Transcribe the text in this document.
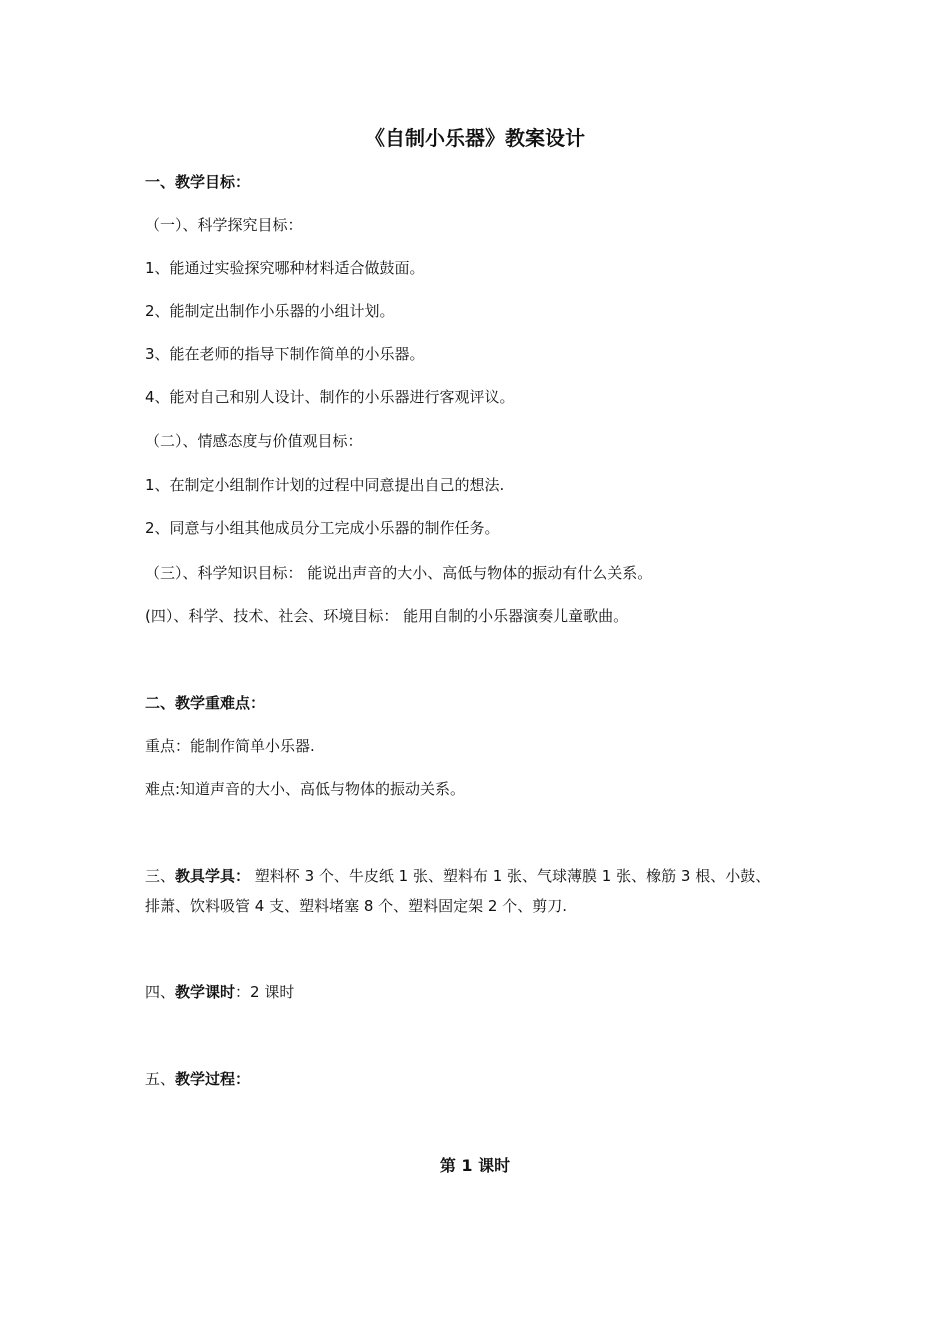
《自制小乐器》教案设计
一、教学目标：
（一）、科学探究目标：
1、能通过实验探究哪种材料适合做鼓面。
2、能制定出制作小乐器的小组计划。
3、能在老师的指导下制作简单的小乐器。
4、能对自己和别人设计、制作的小乐器进行客观评议。
（二）、情感态度与价值观目标：
1、在制定小组制作计划的过程中同意提出自己的想法.
2、同意与小组其他成员分工完成小乐器的制作任务。
（三）、科学知识目标： 能说出声音的大小、高低与物体的振动有什么关系。
(四）、科学、技术、社会、环境目标： 能用自制的小乐器演奏儿童歌曲。
二、教学重难点：
重点：能制作简单小乐器.
难点:知道声音的大小、高低与物体的振动关系。
三、教具学具： 塑料杯 3 个、牛皮纸 1 张、塑料布 1 张、气球薄膜 1 张、橡筋 3 根、小鼓、
排萧、饮料吸管 4 支、塑料堵塞 8 个、塑料固定架 2 个、剪刀.
四、教学课时：2 课时
五、教学过程：
第 1 课时
